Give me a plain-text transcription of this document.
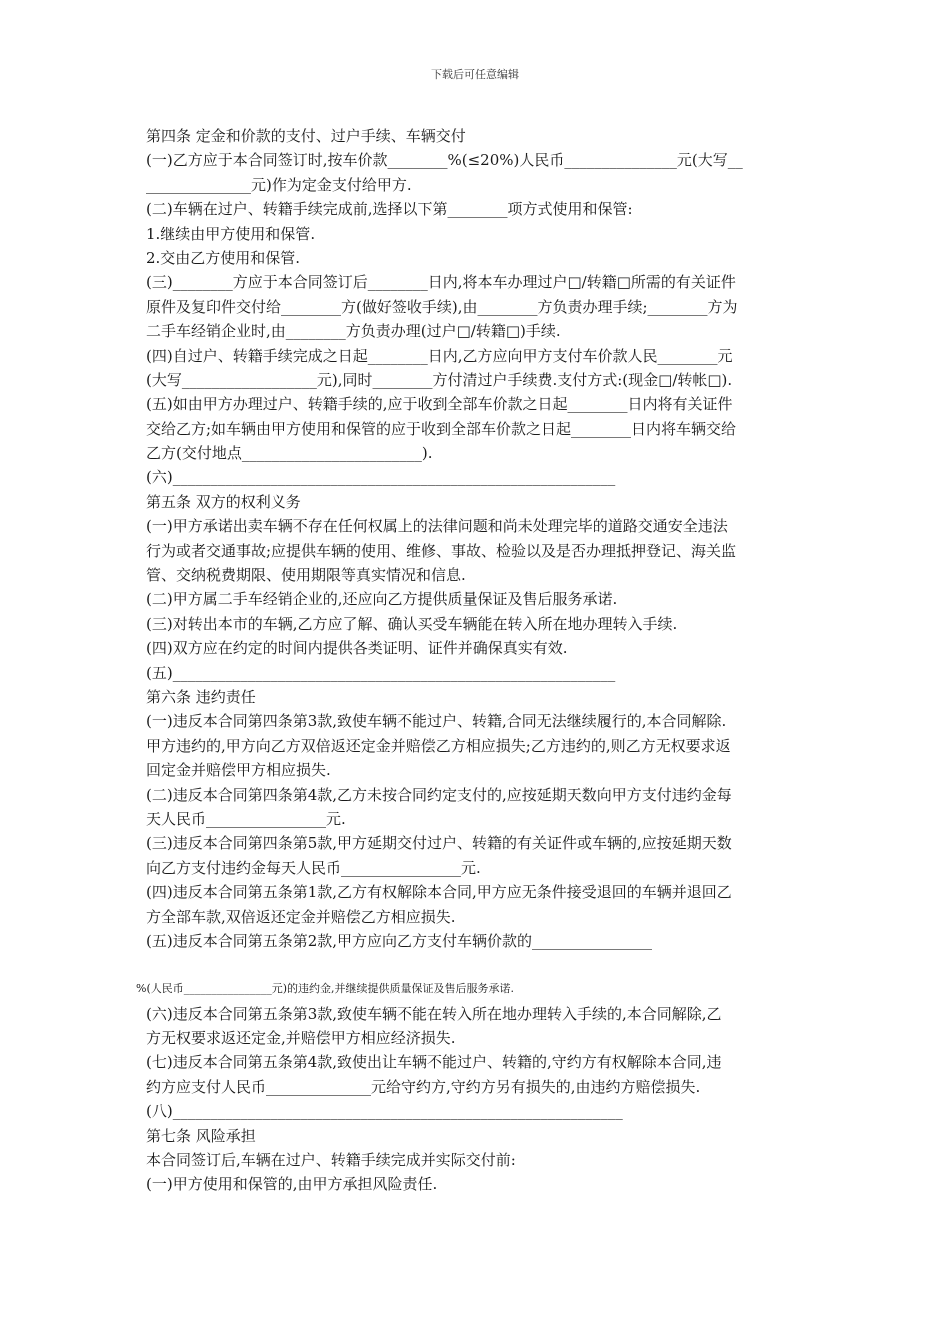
下载后可任意编辑
第四条 定金和价款的支付、过户手续、车辆交付
(一)乙方应于本合同签订时,按车价款________%(≤20%)人民币_______________元(大写__
______________元)作为定金支付给甲方.
(二)车辆在过户、转籍手续完成前,选择以下第________项方式使用和保管:
1.继续由甲方使用和保管.
2.交由乙方使用和保管.
(三)________方应于本合同签订后________日内,将本车办理过户□/转籍□所需的有关证件
原件及复印件交付给________方(做好签收手续),由________方负责办理手续;________方为
二手车经销企业时,由________方负责办理(过户□/转籍□)手续.
(四)自过户、转籍手续完成之日起________日内,乙方应向甲方支付车价款人民________元
(大写__________________元),同时________方付清过户手续费.支付方式:(现金□/转帐□).
(五)如由甲方办理过户、转籍手续的,应于收到全部车价款之日起________日内将有关证件
交给乙方;如车辆由甲方使用和保管的应于收到全部车价款之日起________日内将车辆交给
乙方(交付地点________________________).
(六)___________________________________________________________
第五条 双方的权利义务
(一)甲方承诺出卖车辆不存在任何权属上的法律问题和尚未处理完毕的道路交通安全违法
行为或者交通事故;应提供车辆的使用、维修、事故、检验以及是否办理抵押登记、海关监
管、交纳税费期限、使用期限等真实情况和信息.
(二)甲方属二手车经销企业的,还应向乙方提供质量保证及售后服务承诺.
(三)对转出本市的车辆,乙方应了解、确认买受车辆能在转入所在地办理转入手续.
(四)双方应在约定的时间内提供各类证明、证件并确保真实有效.
(五)___________________________________________________________
第六条 违约责任
(一)违反本合同第四条第3款,致使车辆不能过户、转籍,合同无法继续履行的,本合同解除.
甲方违约的,甲方向乙方双倍返还定金并赔偿乙方相应损失;乙方违约的,则乙方无权要求返
回定金并赔偿甲方相应损失.
(二)违反本合同第四条第4款,乙方未按合同约定支付的,应按延期天数向甲方支付违约金每
天人民币________________元.
(三)违反本合同第四条第5款,甲方延期交付过户、转籍的有关证件或车辆的,应按延期天数
向乙方支付违约金每天人民币________________元.
(四)违反本合同第五条第1款,乙方有权解除本合同,甲方应无条件接受退回的车辆并退回乙
方全部车款,双倍返还定金并赔偿乙方相应损失.
(五)违反本合同第五条第2款,甲方应向乙方支付车辆价款的________________
%(人民币________________元)的违约金,并继续提供质量保证及售后服务承诺.
(六)违反本合同第五条第3款,致使车辆不能在转入所在地办理转入手续的,本合同解除,乙
方无权要求返还定金,并赔偿甲方相应经济损失.
(七)违反本合同第五条第4款,致使出让车辆不能过户、转籍的,守约方有权解除本合同,违
约方应支付人民币______________元给守约方,守约方另有损失的,由违约方赔偿损失.
(八)____________________________________________________________
第七条 风险承担
本合同签订后,车辆在过户、转籍手续完成并实际交付前:
(一)甲方使用和保管的,由甲方承担风险责任.
